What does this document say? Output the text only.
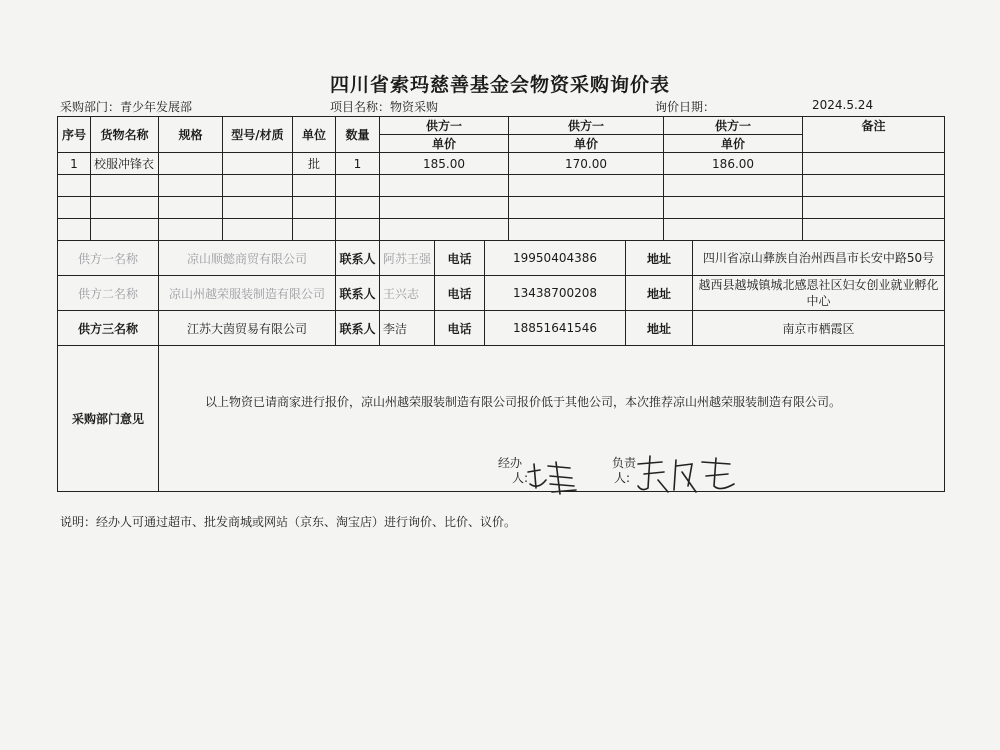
四川省索玛慈善基金会物资采购询价表
采购部门：青少年发展部	项目名称：物资采购	询价日期：	2024.5.24
序号	货物名称	规格	型号/材质	单位	数量	供方一			供方一		供方一		备注
						单价			单价		单价		
1	校服冲锋衣			批	1	185.00			170.00		186.00		

供方一名称		凉山顺懿商贸有限公司			联系人	阿苏王强	电话	19950404386		地址		四川省凉山彝族自治州西昌市长安中路50号	
供方二名称		凉山州越荣服装制造有限公司			联系人	王兴志	电话	13438700208		地址		越西县越城镇城北感恩社区妇女创业就业孵化中心	
供方三名称		江苏大茵贸易有限公司			联系人	李洁	电话	18851641546		地址		南京市栖霞区	
采购部门意见													
以上物资已请商家进行报价，凉山州越荣服装制造有限公司报价低于其他公司，本次推荐凉山州越荣服装制造有限公司。
经办
人:
负责
人:
说明：经办人可通过超市、批发商城或网站（京东、淘宝店）进行询价、比价、议价。
